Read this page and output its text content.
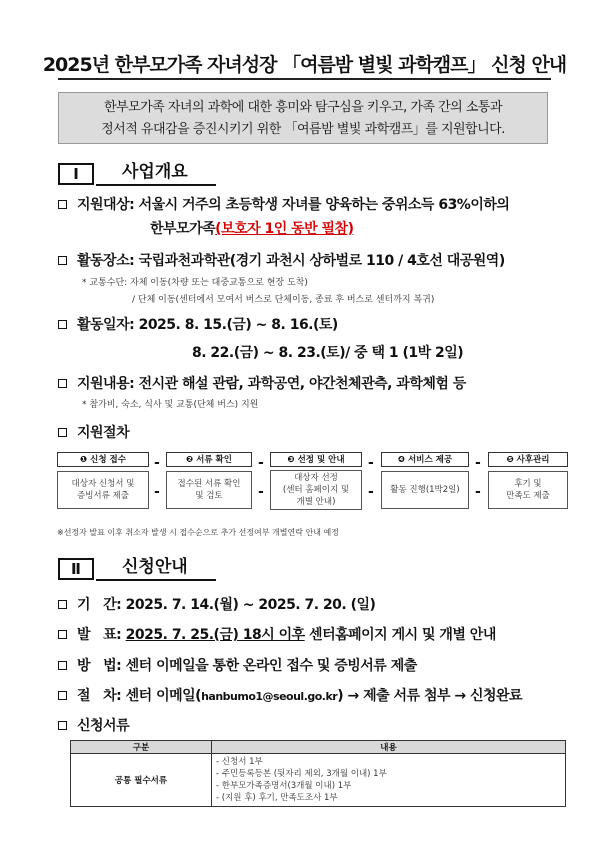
2025년 한부모가족 자녀성장 「여름밤 별빛 과학캠프」 신청 안내
한부모가족 자녀의 과학에 대한 흥미와 탐구심을 키우고, 가족 간의 소통과
정서적 유대감을 증진시키기 위한 「여름밤 별빛 과학캠프」를 지원합니다.
Ⅰ	사업개요
지원대상: 서울시 거주의 초등학생 자녀를 양육하는 중위소득 63%이하의
한부모가족(보호자 1인 동반 필참)
활동장소: 국립과천과학관(경기 과천시 상하벌로 110 / 4호선 대공원역)
* 교통수단: 자체 이동(차량 또는 대중교통으로 현장 도착)
/ 단체 이동(센터에서 모여서 버스로 단체이동, 종료 후 버스로 센터까지 복귀)
활동일자: 2025. 8. 15.(금) ~ 8. 16.(토)
8. 22.(금) ~ 8. 23.(토)/ 중 택 1 (1박 2일)
지원내용: 전시관 해설 관람, 과학공연, 야간천체관측, 과학체험 등
* 참가비, 숙소, 식사 및 교통(단체 버스) 지원
지원절차
❶ 신청 접수
대상자 신청서 및
증빙서류 제출
-
-
❷ 서류 확인
접수된 서류 확인
및 검토
-
-
❸ 선정 및 안내
대상자 선정
(센터 홈페이지 및
개별 안내)
-
-
❹ 서비스 제공
활동 진행(1박2일)
-
-
❺ 사후관리
후기 및
만족도 제출
※선정자 발표 이후 취소자 발생 시 접수순으로 추가 선정여부 개별연락 안내 예정
Ⅱ	신청안내
기   간: 2025. 7. 14.(월) ~ 2025. 7. 20. (일)
발   표: 2025. 7. 25.(금) 18시 이후 센터홈페이지 게시 및 개별 안내
방   법: 센터 이메일을 통한 온라인 접수 및 증빙서류 제출
절   차: 센터 이메일(hanbumo1@seoul.go.kr) → 제출 서류 첨부 → 신청완료
신청서류
구분	내용
공통 필수서류	- 신청서 1부
- 주민등록등본 (뒷자리 제외, 3개월 이내) 1부
- 한부모가족증명서(3개월 이내) 1부
- (지원 후) 후기, 만족도조사 1부
